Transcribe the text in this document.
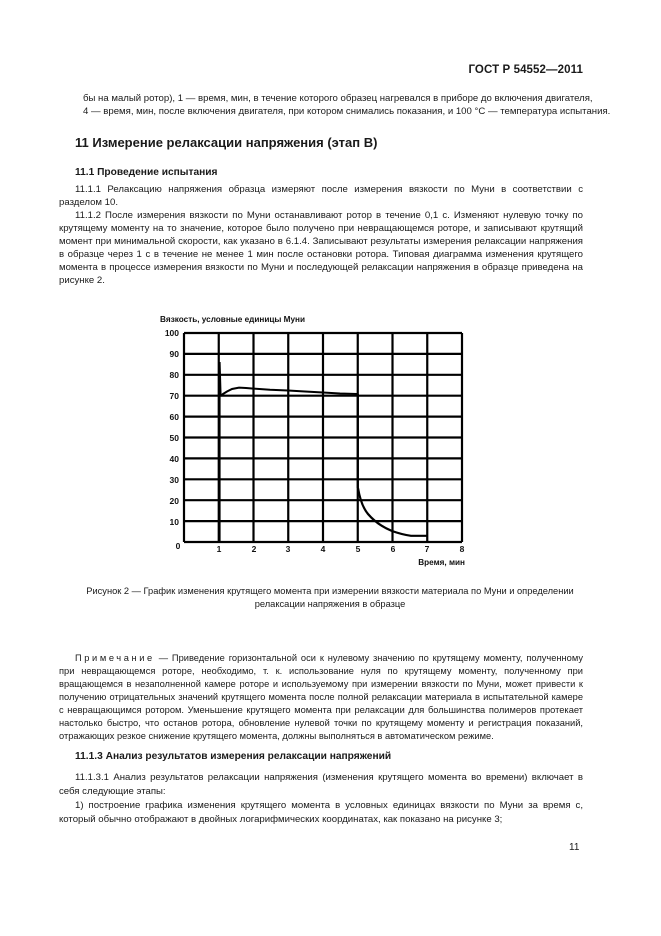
ГОСТ Р 54552—2011
бы на малый ротор), 1 — время, мин, в течение которого образец нагревался в приборе до включения двигателя,
4 — время, мин, после включения двигателя, при котором снимались показания, и 100 °С — температура испытания.
11 Измерение релаксации напряжения (этап В)
11.1 Проведение испытания
11.1.1 Релаксацию напряжения образца измеряют после измерения вязкости по Муни в соответствии с разделом 10.
11.1.2 После измерения вязкости по Муни останавливают ротор в течение 0,1 с. Изменяют нулевую точку по крутящему моменту на то значение, которое было получено при невращающемся роторе, и записывают крутящий момент при минимальной скорости, как указано в 6.1.4. Записывают результаты измерения релаксации напряжения в образце через 1 с в течение не менее 1 мин после остановки ротора. Типовая диаграмма изменения крутящего момента в процессе измерения вязкости по Муни и последующей релаксации напряжения в образце приведена на рисунке 2.
Вязкость, условные единицы Муни
100
90
80
70
60
50
40
30
20
10
0	1	2	3	4	5	6	7	8
Время, мин
Рисунок 2 — График изменения крутящего момента при измерении вязкости материала по Муни и определении
релаксации напряжения в образце
Примечание — Приведение горизонтальной оси к нулевому значению по крутящему моменту, полученному при невращающемся роторе, необходимо, т. к. использование нуля по крутящему моменту, полученному при вращающемся в незаполненной камере роторе и используемому при измерении вязкости по Муни, может привести к получению отрицательных значений крутящего момента после полной релаксации материала в испытательной камере с невращающимся ротором. Уменьшение крутящего момента при релаксации для большинства полимеров протекает настолько быстро, что останов ротора, обновление нулевой точки по крутящему моменту и регистрация показаний, отражающих резкое снижение крутящего момента, должны выполняться в автоматическом режиме.
11.1.3 Анализ результатов измерения релаксации напряжений
11.1.3.1 Анализ результатов релаксации напряжения (изменения крутящего момента во времени) включает в себя следующие этапы:
1) построение графика изменения крутящего момента в условных единицах вязкости по Муни за время с, который обычно отображают в двойных логарифмических координатах, как показано на рисунке 3;
11
